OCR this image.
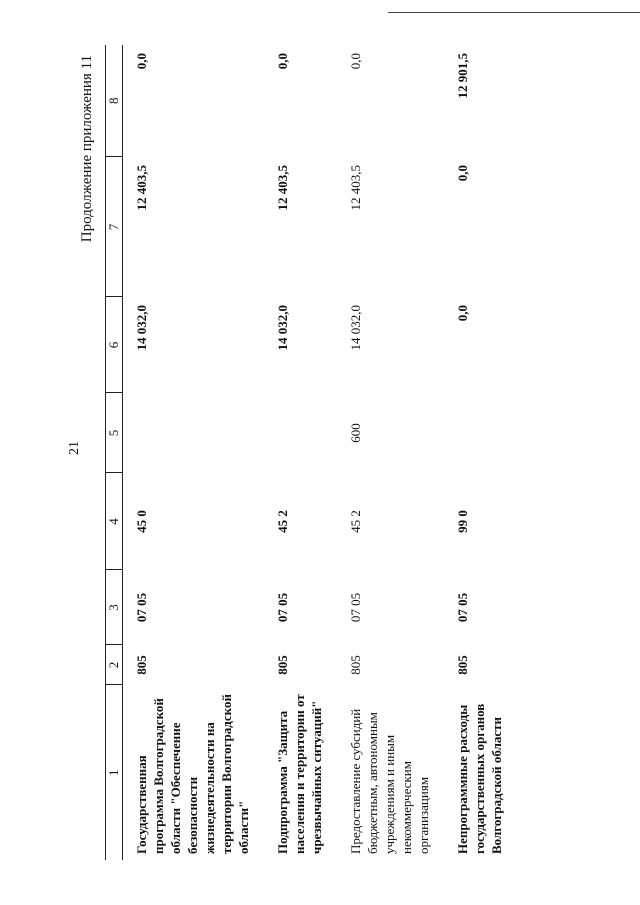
21
Продолжение приложения 11
1	2	3	4	5	6	7	8
Государственная программа Волгоградской области "Обеспечение безопасности жизнедеятельности на территории Волгоградской области"	805	07 05	45 0		14 032,0	12 403,5	0,0
Подпрограмма "Защита населения и территории от чрезвычайных ситуаций"	805	07 05	45 2		14 032,0	12 403,5	0,0
Предоставление субсидий бюджетным, автономным учреждениям и иным некоммерческим организациям	805	07 05	45 2	600	14 032,0	12 403,5	0,0
Непрограммные расходы государственных органов Волгоградской области	805	07 05	99 0		0,0	0,0	12 901,5
